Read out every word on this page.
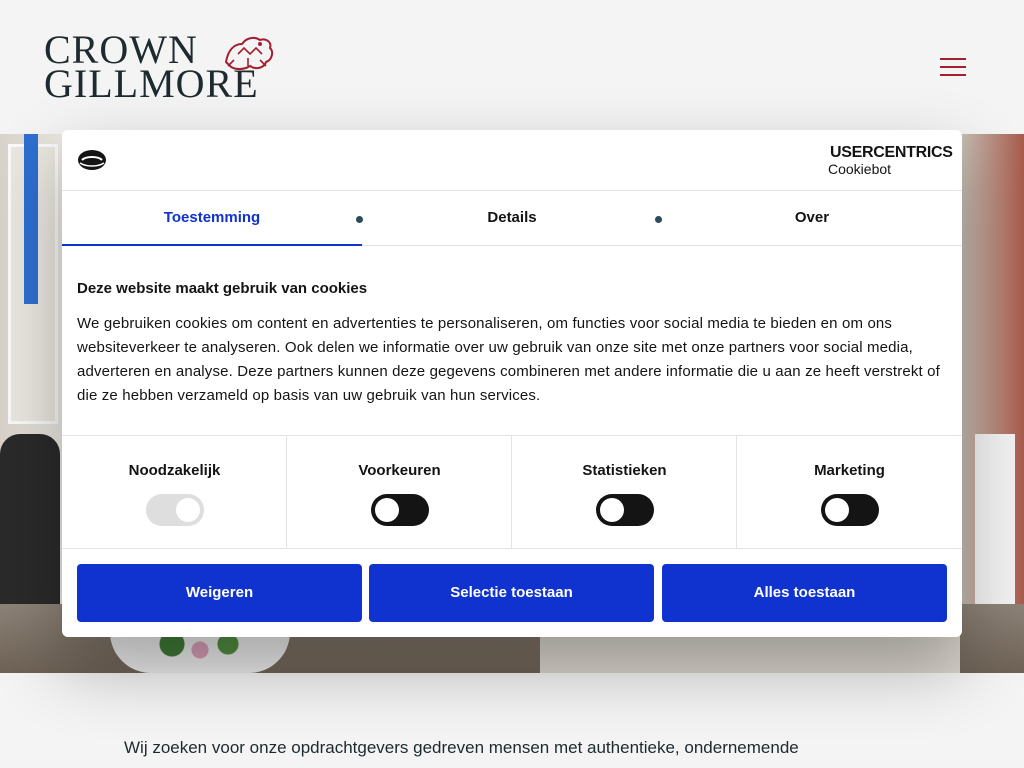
CROWN
GILLMORE
Wij zoeken voor onze opdrachtgevers gedreven mensen met authentieke, ondernemende
USERCENTRICS
Cookiebot
Toestemming	Details	Over
Deze website maakt gebruik van cookies

We gebruiken cookies om content en advertenties te personaliseren, om functies voor social media te bieden en om ons websiteverkeer te analyseren. Ook delen we informatie over uw gebruik van onze site met onze partners voor social media, adverteren en analyse. Deze partners kunnen deze gegevens combineren met andere informatie die u aan ze heeft verstrekt of die ze hebben verzameld op basis van uw gebruik van hun services.

Noodzakelijk	Voorkeuren	Statistieken	Marketing
Weigeren	Selectie toestaan	Alles toestaan
